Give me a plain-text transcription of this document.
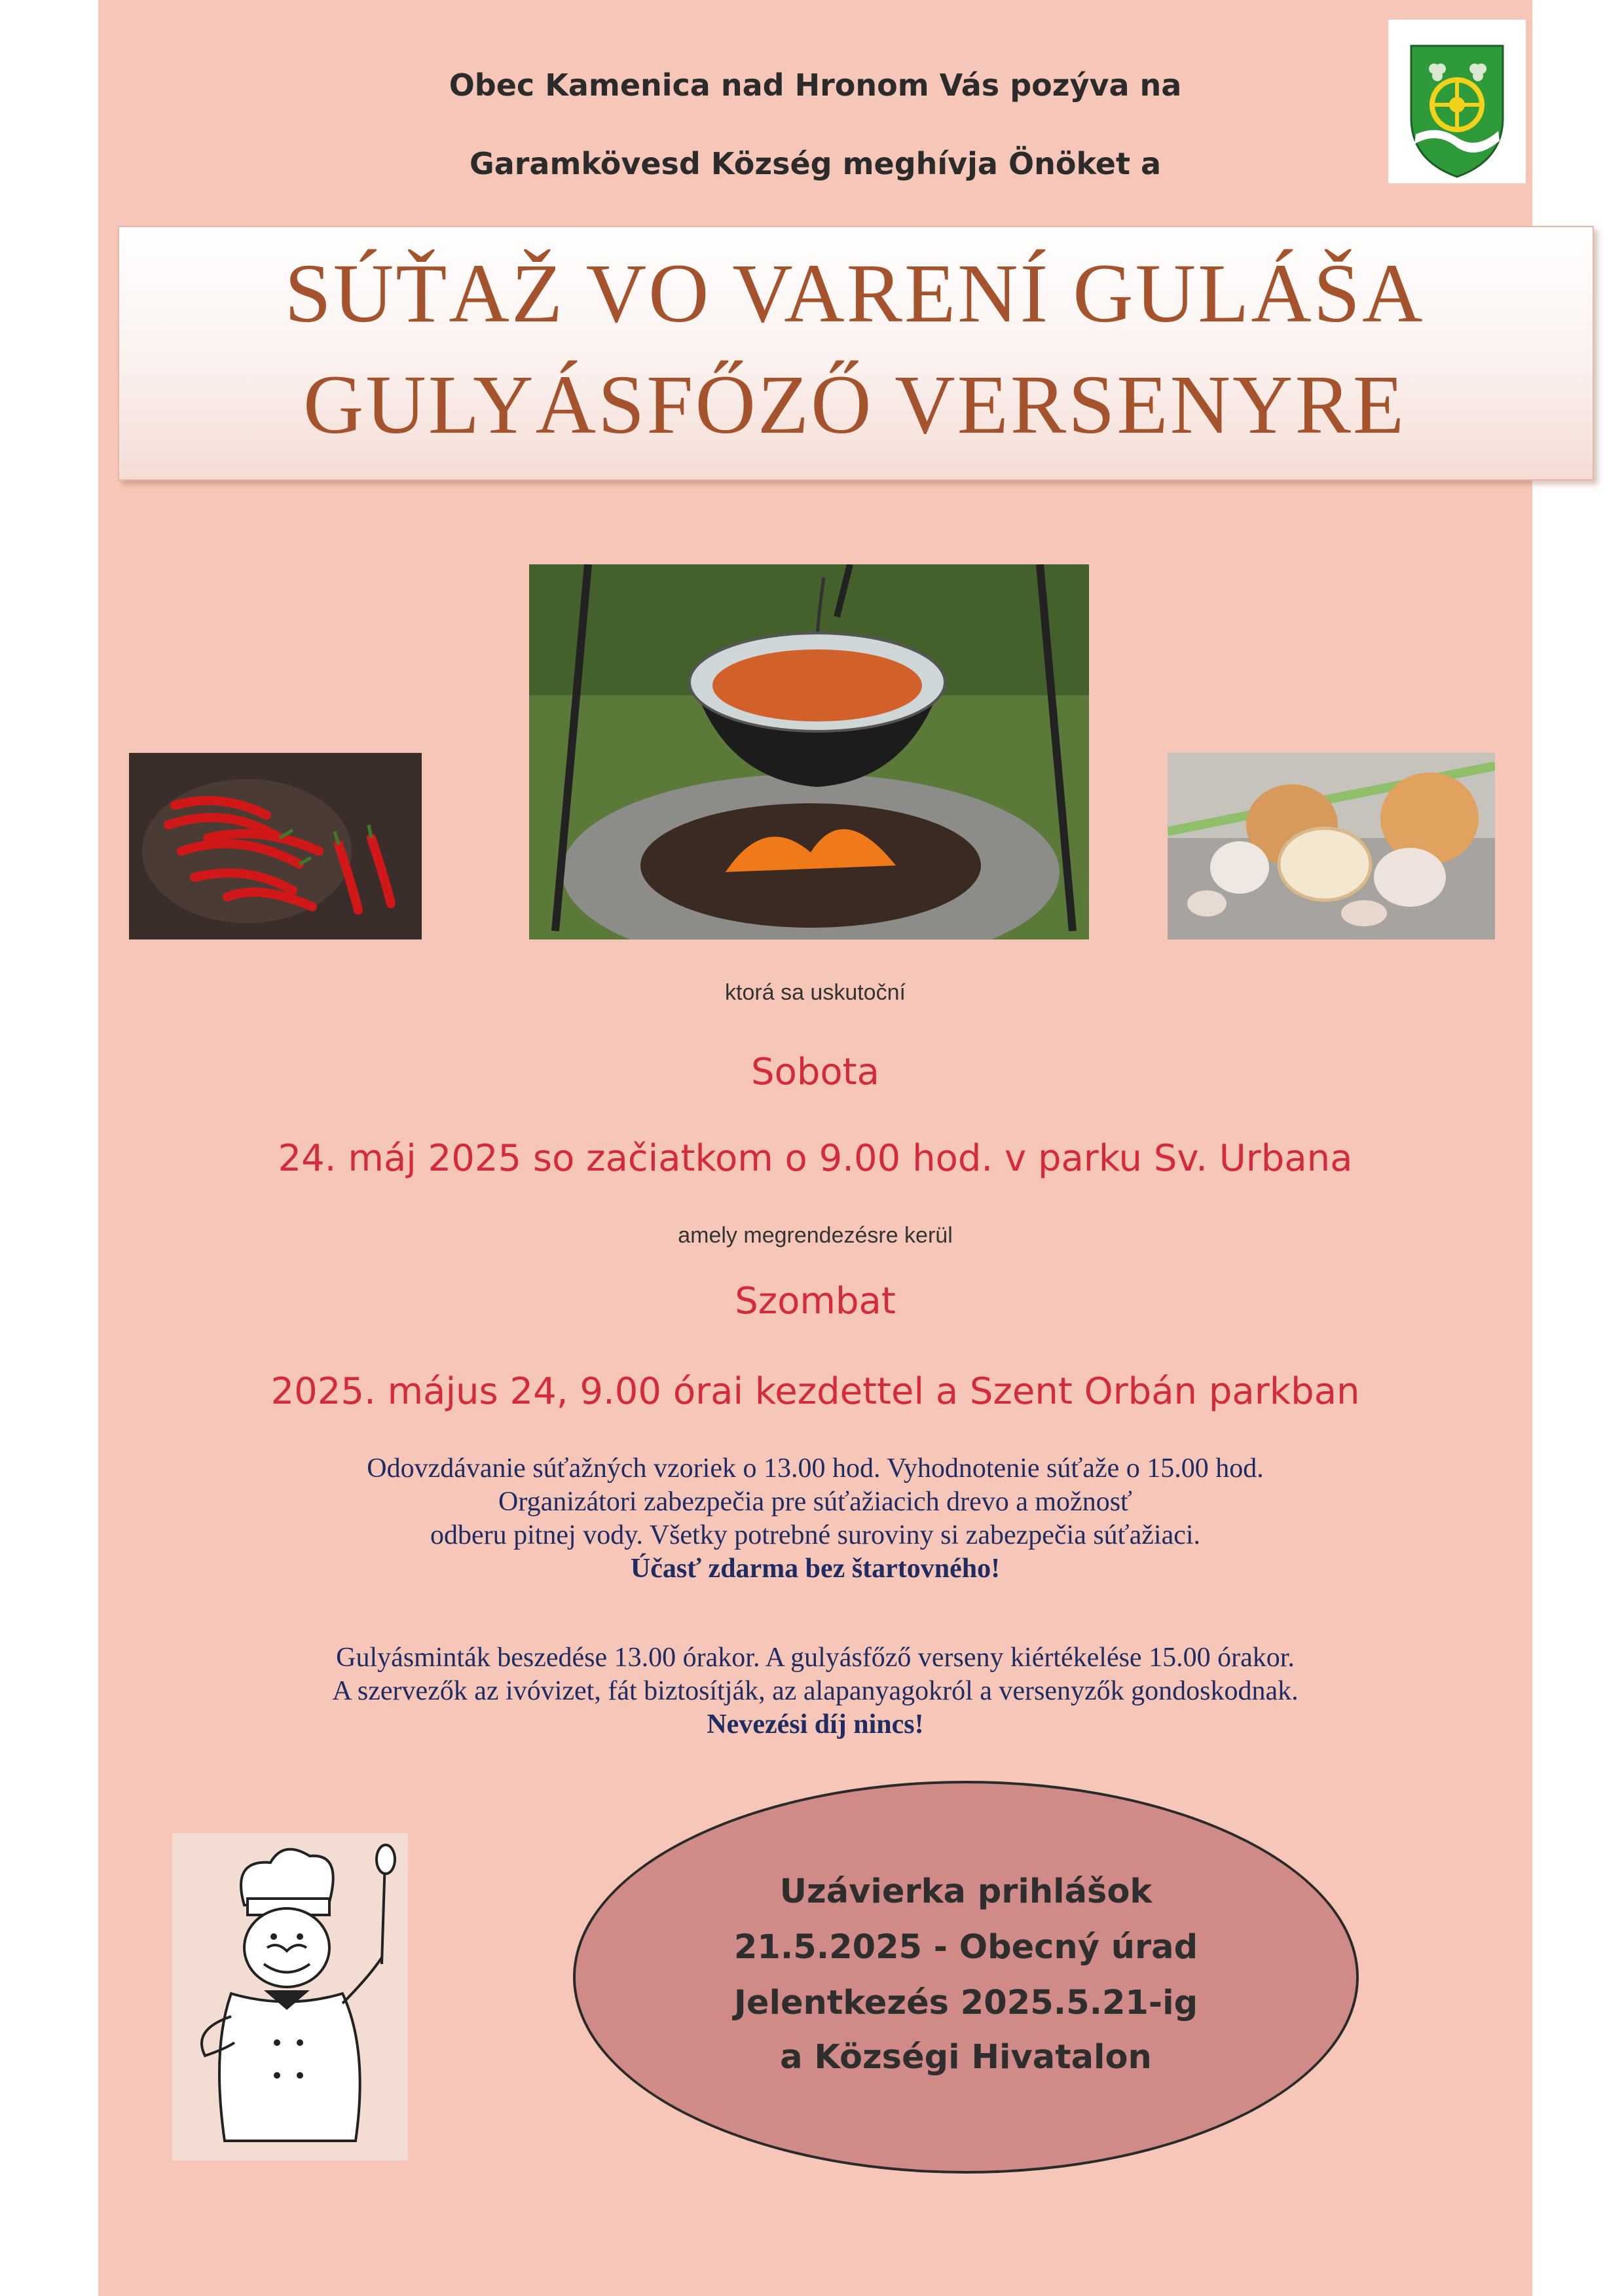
Obec Kamenica nad Hronom Vás pozýva na
Garamkövesd Község meghívja Önöket a
SÚŤAŽ VO VARENÍ GULÁŠA
GULYÁSFŐZŐ VERSENYRE
ktorá sa uskutoční
Sobota
24. máj 2025 so začiatkom o 9.00 hod. v parku Sv. Urbana
amely megrendezésre kerül
Szombat
2025. május 24, 9.00 órai kezdettel a Szent Orbán parkban
Odovzdávanie súťažných vzoriek o 13.00 hod. Vyhodnotenie súťaže o 15.00 hod.
Organizátori zabezpečia pre súťažiacich drevo a možnosť
odberu pitnej vody. Všetky potrebné suroviny si zabezpečia súťažiaci.
Účasť zdarma bez štartovného!
Gulyásminták beszedése 13.00 órakor. A gulyásfőző verseny kiértékelése 15.00 órakor.
A szervezők az ivóvizet, fát biztosítják, az alapanyagokról a versenyzők gondoskodnak.
Nevezési díj nincs!
Uzávierka prihlášok
21.5.2025 - Obecný úrad
Jelentkezés 2025.5.21-ig
a Községi Hivatalon
